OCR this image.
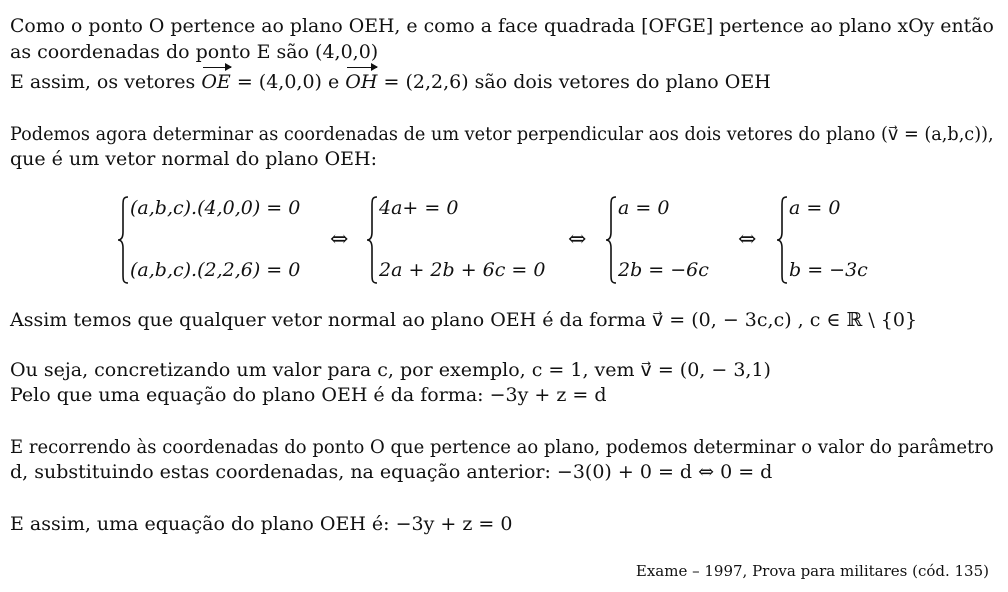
Como o ponto O pertence ao plano OEH, e como a face quadrada [OFGE] pertence ao plano xOy então
as coordenadas do ponto E são (4,0,0)
E assim, os vetores OE = (4,0,0) e OH = (2,2,6) são dois vetores do plano OEH
Podemos agora determinar as coordenadas de um vetor perpendicular aos dois vetores do plano (v⃗ = (a,b,c)),
que é um vetor normal do plano OEH:
(a,b,c).(4,0,0) = 0
(a,b,c).(2,2,6) = 0
⇔
4a+ = 0
2a + 2b + 6c = 0
⇔
a = 0
2b = −6c
⇔
a = 0
b = −3c
Assim temos que qualquer vetor normal ao plano OEH é da forma v⃗ = (0, − 3c,c) , c ∈ ℝ \ {0}
Ou seja, concretizando um valor para c, por exemplo, c = 1, vem v⃗ = (0, − 3,1)
Pelo que uma equação do plano OEH é da forma: −3y + z = d
E recorrendo às coordenadas do ponto O que pertence ao plano, podemos determinar o valor do parâmetro
d, substituindo estas coordenadas, na equação anterior: −3(0) + 0 = d ⇔ 0 = d
E assim, uma equação do plano OEH é: −3y + z = 0
Exame – 1997, Prova para militares (cód. 135)
